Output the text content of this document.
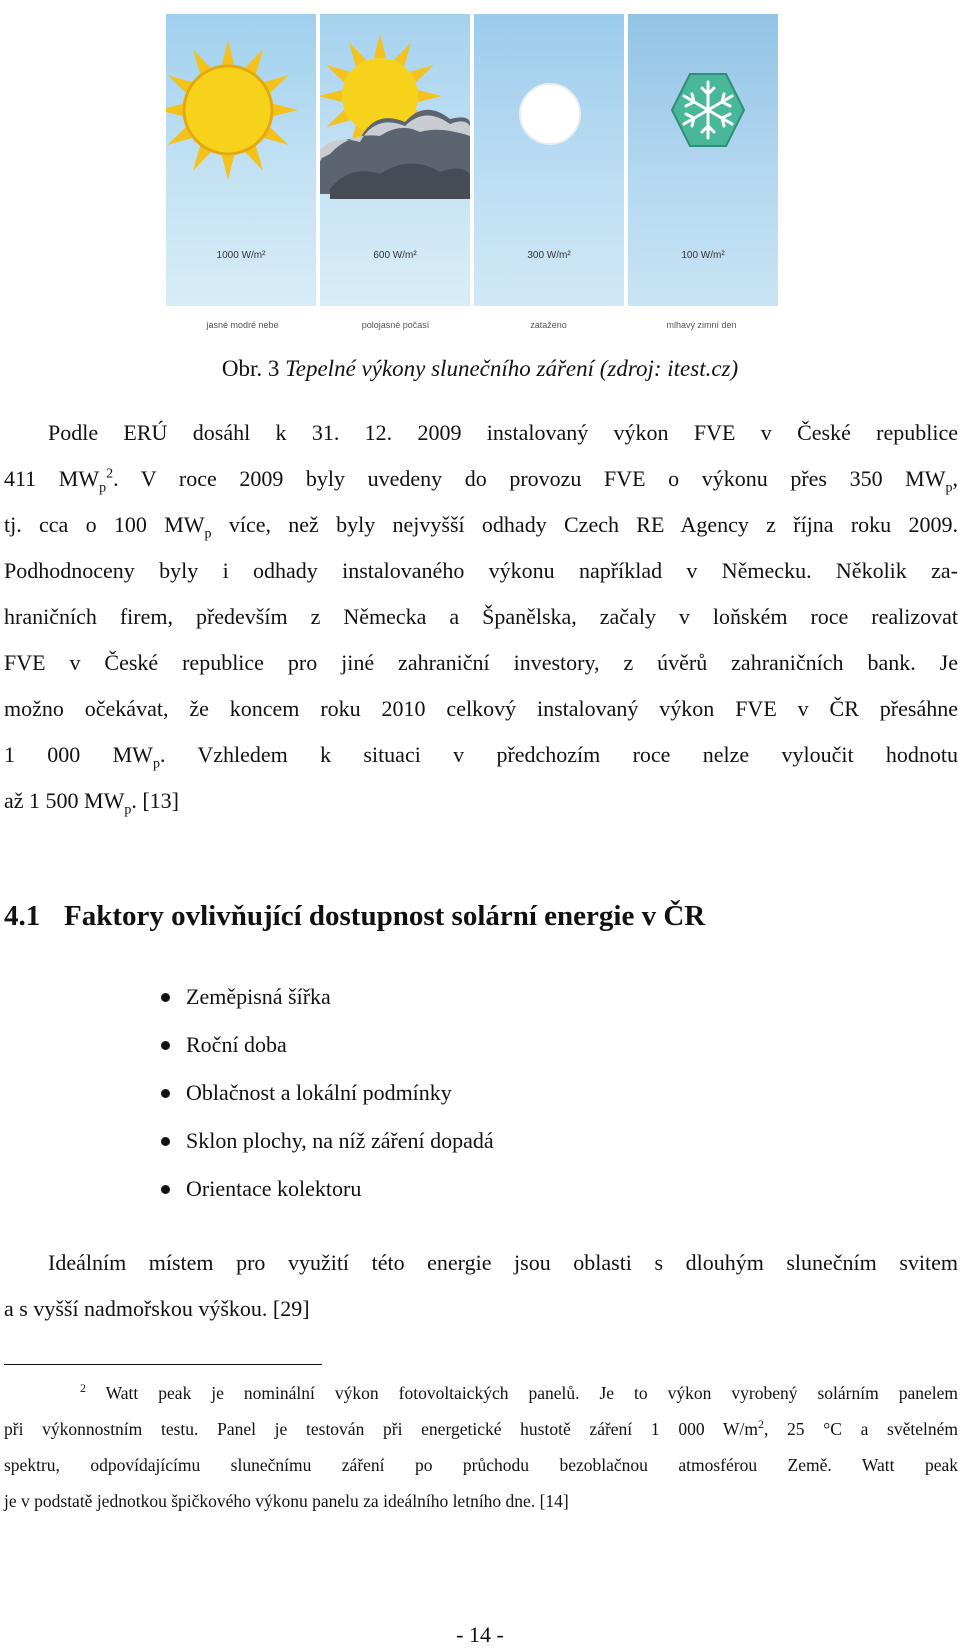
1000 W/m²	600 W/m²	300 W/m²	100 W/m²
jasné modré nebe	polojasné počasí	zataženo	mlhavý zimní den
Obr. 3 Tepelné výkony slunečního záření (zdroj: itest.cz)
Podle ERÚ dosáhl k 31. 12. 2009 instalovaný výkon FVE v České republice
411 $MW_p^2$. V roce 2009 byly uvedeny do provozu FVE o výkonu přes 350 $MW_p$,
tj. cca o 100 $MW_p$ více, než byly nejvyšší odhady Czech RE Agency z října roku 2009.
Podhodnoceny byly i odhady instalovaného výkonu například v Německu. Několik za-
hraničních firem, především z Německa a Španělska, začaly v loňském roce realizovat
FVE v České republice pro jiné zahraniční investory, z úvěrů zahraničních bank. Je
možno očekávat, že koncem roku 2010 celkový instalovaný výkon FVE v ČR přesáhne
1 000 $MW_p$. Vzhledem k situaci v předchozím roce nelze vyloučit hodnotu
až 1 500 $MW_p$. [13]
4.1 Faktory ovlivňující dostupnost solární energie v ČR
Zeměpisná šířka
Roční doba
Oblačnost a lokální podmínky
Sklon plochy, na níž záření dopadá
Orientace kolektoru
Ideálním místem pro využití této energie jsou oblasti s dlouhým slunečním svitem
a s vyšší nadmořskou výškou. [29]
$^2$ Watt peak je nominální výkon fotovoltaických panelů. Je to výkon vyrobený solárním panelem
při výkonnostním testu. Panel je testován při energetické hustotě záření 1 000 $W/m^2$, 25 °C a světelném
spektru, odpovídajícímu slunečnímu záření po průchodu bezoblačnou atmosférou Země. Watt peak
je v podstatě jednotkou špičkového výkonu panelu za ideálního letního dne. [14]
- 14 -
